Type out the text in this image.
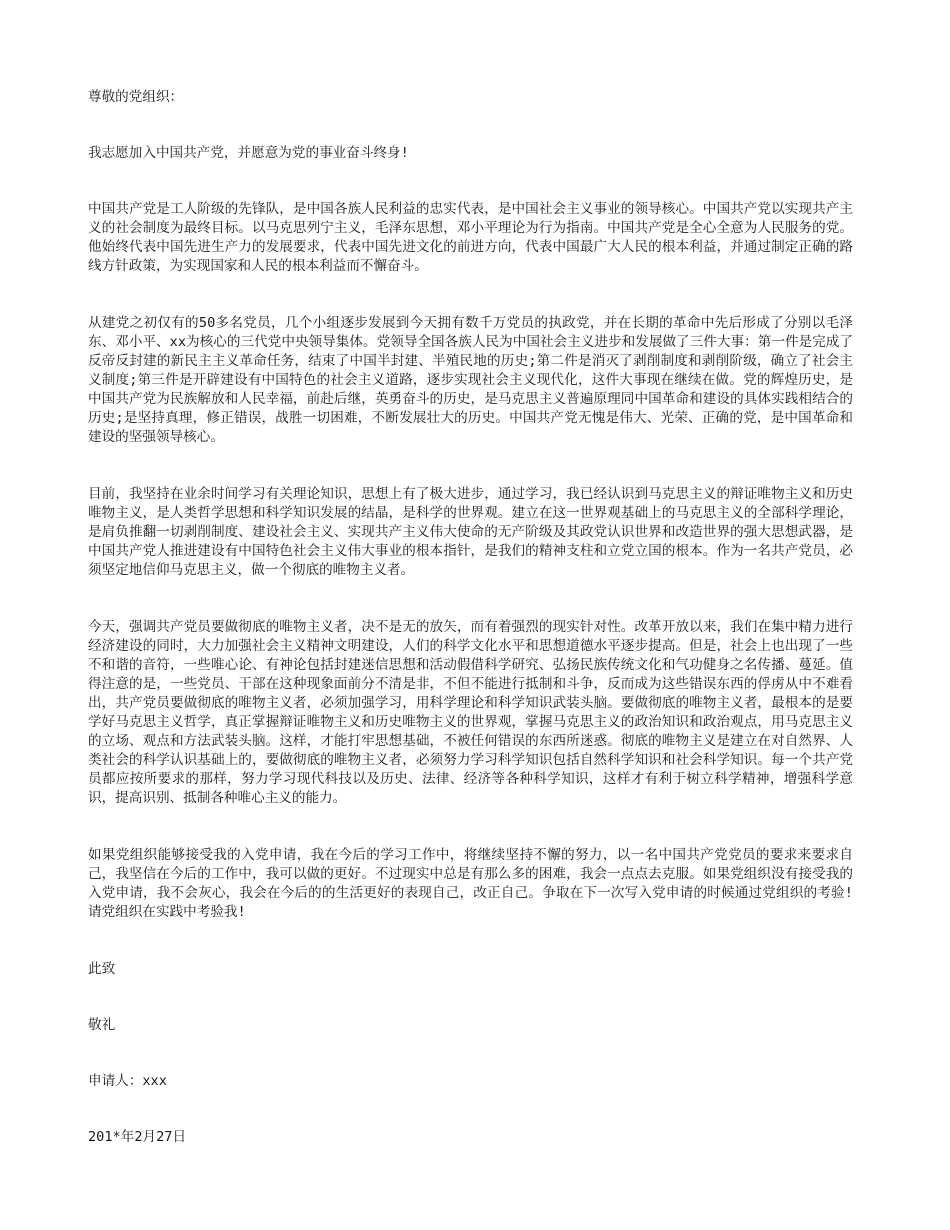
尊敬的党组织：

我志愿加入中国共产党，并愿意为党的事业奋斗终身!

中国共产党是工人阶级的先锋队，是中国各族人民利益的忠实代表，是中国社会主义事业的领导核心。中国共产党以实现共产主义的社会制度为最终目标。以马克思列宁主义，毛泽东思想，邓小平理论为行为指南。中国共产党是全心全意为人民服务的党。他始终代表中国先进生产力的发展要求，代表中国先进文化的前进方向，代表中国最广大人民的根本利益，并通过制定正确的路线方针政策，为实现国家和人民的根本利益而不懈奋斗。

从建党之初仅有的50多名党员，几个小组逐步发展到今天拥有数千万党员的执政党，并在长期的革命中先后形成了分别以毛泽东、邓小平、xx为核心的三代党中央领导集体。党领导全国各族人民为中国社会主义进步和发展做了三件大事：第一件是完成了反帝反封建的新民主主义革命任务，结束了中国半封建、半殖民地的历史;第二件是消灭了剥削制度和剥削阶级，确立了社会主义制度;第三件是开辟建设有中国特色的社会主义道路，逐步实现社会主义现代化，这件大事现在继续在做。党的辉煌历史，是中国共产党为民族解放和人民幸福，前赴后继，英勇奋斗的历史，是马克思主义普遍原理同中国革命和建设的具体实践相结合的历史;是坚持真理，修正错误，战胜一切困难，不断发展壮大的历史。中国共产党无愧是伟大、光荣、正确的党，是中国革命和建设的坚强领导核心。

目前，我坚持在业余时间学习有关理论知识，思想上有了极大进步，通过学习，我已经认识到马克思主义的辩证唯物主义和历史唯物主义，是人类哲学思想和科学知识发展的结晶，是科学的世界观。建立在这一世界观基础上的马克思主义的全部科学理论，是肩负推翻一切剥削制度、建设社会主义、实现共产主义伟大使命的无产阶级及其政党认识世界和改造世界的强大思想武器，是中国共产党人推进建设有中国特色社会主义伟大事业的根本指针，是我们的精神支柱和立党立国的根本。作为一名共产党员，必须坚定地信仰马克思主义，做一个彻底的唯物主义者。

今天，强调共产党员要做彻底的唯物主义者，决不是无的放矢，而有着强烈的现实针对性。改革开放以来，我们在集中精力进行经济建设的同时，大力加强社会主义精神文明建设，人们的科学文化水平和思想道德水平逐步提高。但是，社会上也出现了一些不和谐的音符，一些唯心论、有神论包括封建迷信思想和活动假借科学研究、弘扬民族传统文化和气功健身之名传播、蔓延。值得注意的是，一些党员、干部在这种现象面前分不清是非，不但不能进行抵制和斗争，反而成为这些错误东西的俘虏从中不难看出，共产党员要做彻底的唯物主义者，必须加强学习，用科学理论和科学知识武装头脑。要做彻底的唯物主义者，最根本的是要学好马克思主义哲学，真正掌握辩证唯物主义和历史唯物主义的世界观，掌握马克思主义的政治知识和政治观点，用马克思主义的立场、观点和方法武装头脑。这样，才能打牢思想基础，不被任何错误的东西所迷惑。彻底的唯物主义是建立在对自然界、人类社会的科学认识基础上的，要做彻底的唯物主义者，必须努力学习科学知识包括自然科学知识和社会科学知识。每一个共产党员都应按所要求的那样，努力学习现代科技以及历史、法律、经济等各种科学知识，这样才有利于树立科学精神，增强科学意识，提高识别、抵制各种唯心主义的能力。

如果党组织能够接受我的入党申请，我在今后的学习工作中，将继续坚持不懈的努力，以一名中国共产党党员的要求来要求自己，我坚信在今后的工作中，我可以做的更好。不过现实中总是有那么多的困难，我会一点点去克服。如果党组织没有接受我的入党申请，我不会灰心，我会在今后的的生活更好的表现自己，改正自己。争取在下一次写入党申请的时候通过党组织的考验!请党组织在实践中考验我!

此致

敬礼

申请人：xxx

201*年2月27日
